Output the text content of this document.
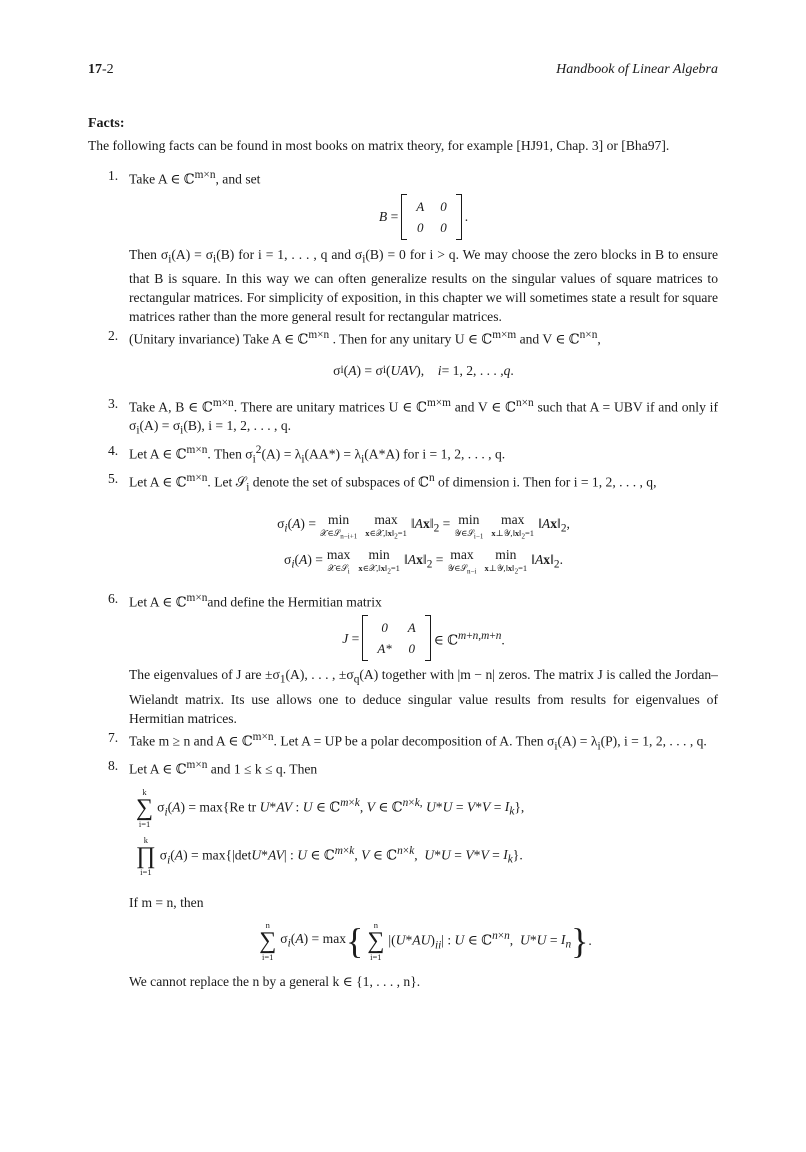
17-2	Handbook of Linear Algebra
Facts:

The following facts can be found in most books on matrix theory, for example [HJ91, Chap. 3] or [Bha97].

1. Take A ∈ ℂ$^{m\times n}$, and set
B =
A	0
0	0
.
Then $\sigma_i(A) = \sigma_i(B)$ for i = 1, . . . , q and $\sigma_i(B) = 0$ for i > q. We may choose the zero blocks in B to ensure that B is square. In this way we can often generalize results on the singular values of square matrices to rectangular matrices. For simplicity of exposition, in this chapter we will sometimes state a result for square matrices rather than the more general result for rectangular matrices.
2. (Unitary invariance) Take A ∈ ℂ$^{m\times n}$ . Then for any unitary U ∈ ℂ$^{m\times m}$ and V ∈ ℂ$^{n\times n}$,
σ i ( A ) = σ i ( UAV ), i = 1, 2, . . . , q .
3. Take A, B ∈ ℂ$^{m\times n}$. There are unitary matrices U ∈ ℂ$^{m\times m}$ and V ∈ ℂ$^{n\times n}$ such that A = UBV if and only if $\sigma_i(A) = \sigma_i(B)$, i = 1, 2, . . . , q.
4. Let A ∈ ℂ$^{m\times n}$. Then $\sigma_i^2(A) = \lambda_i(AA*) = \lambda_i(A*A)$ for i = 1, 2, . . . , q.
5. Let A ∈ ℂ$^{m\times n}$. Let 𝒮$_i$ denote the set of subspaces of ℂ$^n$ of dimension i. Then for i = 1, 2, . . . , q,
$\sigma_i(A) = \min$
𝒳∈𝒮$_{n-i+1}$
max
$x\in 𝒳,‖x‖_2=1$
$‖Ax‖_2 = \min$
𝒴∈𝒮$_{i-1}$
max
$x\perp 𝒴,‖x‖_2=1$
$‖Ax‖_2$,
$\sigma_i(A) = \max$
𝒳∈𝒮$_i$
min
$x\in 𝒳,‖x‖_2=1$
$‖Ax‖_2 = \max$
𝒴∈𝒮$_{n-i}$
min
$x\perp 𝒴,‖x‖_2=1$
$‖Ax‖_2$.
6. Let A ∈ ℂ$^{m\times n}$and define the Hermitian matrix
J =
0	A
A*	0
∈ ℂ$^{m+n,m+n}$.
The eigenvalues of J are $\pm\sigma_1(A)$, . . . , $\pm\sigma_q(A)$ together with |m − n| zeros. The matrix J is called the Jordan–Wielandt matrix. Its use allows one to deduce singular value results from results for eigenvalues of Hermitian matrices.
7. Take m ≥ n and A ∈ ℂ$^{m\times n}$. Let A = UP be a polar decomposition of A. Then $\sigma_i(A) = \lambda_i(P)$, i = 1, 2, . . . , q.
8. Let A ∈ ℂ$^{m\times n}$ and 1 ≤ k ≤ q. Then
k
∑
i=1
$\sigma_i(A) = \max\{Re$ tr U*AV : U ∈ ℂ$^{m\times k}$, V ∈ ℂ$^{n\times k,}$ $U*U = V*V = I_k$},
k
∏
i=1
$\sigma_i(A) = \max\{|\det U*AV|$ : U ∈ ℂ$^{m\times k}$, V ∈ ℂ$^{n\times k}$,  $U*U = V*V = I_k$}.
If m = n, then
n
∑
i=1
$\sigma_i(A) = \max$ { n
∑
i=1
$|(U*AU)_{ii}|$ : U ∈ ℂ$^{n\times n}$,  $U*U = I_n$ } .
We cannot replace the n by a general k ∈ {1, . . . , n}.
